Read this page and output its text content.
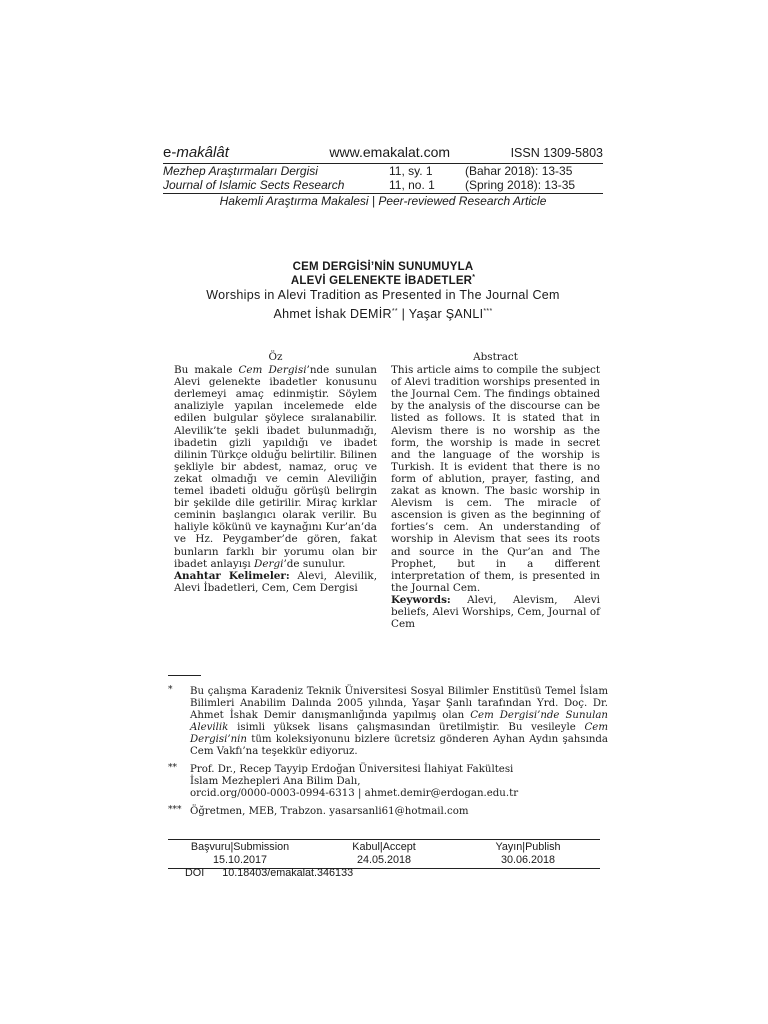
e-makâlât	www.emakalat.com	ISSN 1309-5803
Mezhep Araştırmaları Dergisi	11, sy. 1	(Bahar 2018): 13-35
Journal of Islamic Sects Research	11, no. 1	(Spring 2018): 13-35
Hakemli Araştırma Makalesi | Peer-reviewed Research Article
CEM DERGİSİ’NİN SUNUMUYLA
ALEVİ GELENEKTE İBADETLER*
Worships in Alevi Tradition as Presented in The Journal Cem
Ahmet İshak DEMİR** | Yaşar ŞANLI***
Öz

Bu makale Cem Dergisi’nde sunulan Alevi gelenekte ibadetler konusunu derlemeyi amaç edinmiştir. Söylem analiziyle yapılan incelemede elde edilen bulgular şöylece sıralanabilir. Alevilik’te şekli ibadet bulunmadığı, ibadetin gizli yapıldığı ve ibadet dilinin Türkçe olduğu belirtilir. Bilinen şekliyle bir abdest, namaz, oruç ve zekat olmadığı ve cemin Aleviliğin temel ibadeti olduğu görüşü belirgin bir şekilde dile getirilir. Miraç kırklar ceminin başlangıcı olarak verilir. Bu haliyle kökünü ve kaynağını Kur’an’da ve Hz. Peygamber’de gören, fakat bunların farklı bir yorumu olan bir ibadet anlayışı Dergi’de sunulur.

Anahtar Kelimeler: Alevi, Alevilik, Alevi İbadetleri, Cem, Cem Dergisi

Abstract

This article aims to compile the subject of Alevi tradition worships presented in the Journal Cem. The findings obtained by the analysis of the discourse can be listed as follows. It is stated that in Alevism there is no worship as the form, the worship is made in secret and the language of the worship is Turkish. It is evident that there is no form of ablution, prayer, fasting, and zakat as known. The basic worship in Alevism is cem. The miracle of ascension is given as the beginning of forties’s cem. An understanding of worship in Alevism that sees its roots and source in the Qur’an and The Prophet, but in a different interpretation of them, is presented in the Journal Cem.

Keywords: Alevi, Alevism, Alevi beliefs, Alevi Worships, Cem, Journal of Cem

* Bu çalışma Karadeniz Teknik Üniversitesi Sosyal Bilimler Enstitüsü Temel İslam Bilimleri Anabilim Dalında 2005 yılında, Yaşar Şanlı tarafından Yrd. Doç. Dr. Ahmet İshak Demir danışmanlığında yapılmış olan Cem Dergisi’nde Sunulan Alevilik isimli yüksek lisans çalışmasından üretilmiştir. Bu vesileyle Cem Dergisi’nin tüm koleksiyonunu bizlere ücretsiz gönderen Ayhan Aydın şahsında Cem Vakfı’na teşekkür ediyoruz.
** Prof. Dr., Recep Tayyip Erdoğan Üniversitesi İlahiyat Fakültesi
İslam Mezhepleri Ana Bilim Dalı,
orcid.org/0000-0003-0994-6313 | ahmet.demir@erdogan.edu.tr
*** Öğretmen, MEB, Trabzon. yasarsanli61@hotmail.com
Başvuru|Submission	Kabul|Accept	Yayın|Publish
15.10.2017	24.05.2018	30.06.2018
DOI 10.18403/emakalat.346133
